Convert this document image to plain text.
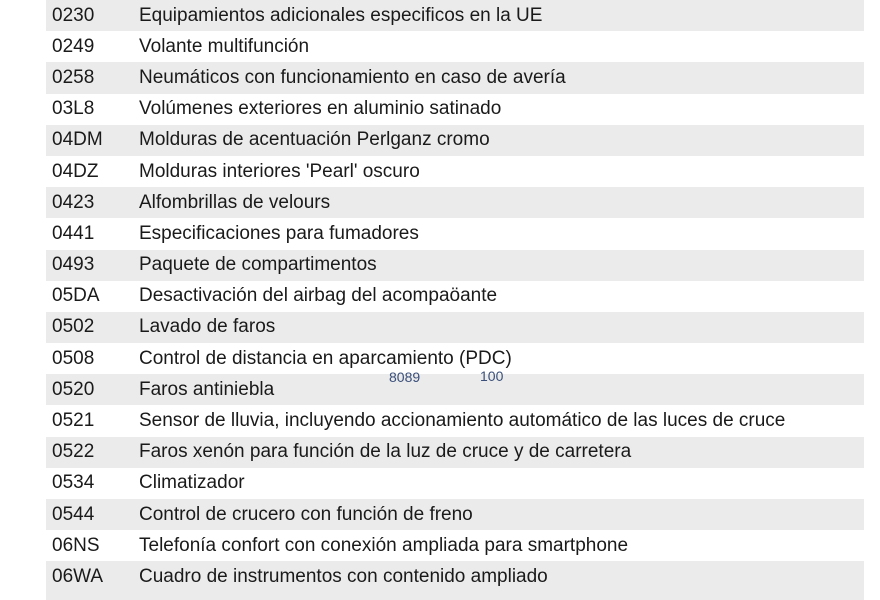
0230	Equipamientos adicionales especificos en la UE
0249	Volante multifunción
0258	Neumáticos con funcionamiento en caso de avería
03L8	Volúmenes exteriores en aluminio satinado
04DM	Molduras de acentuación Perlganz cromo
04DZ	Molduras interiores 'Pearl' oscuro
0423	Alfombrillas de velours
0441	Especificaciones para fumadores
0493	Paquete de compartimentos
05DA	Desactivación del airbag del acompaöante
0502	Lavado de faros
0508	Control de distancia en aparcamiento (PDC)
0520	Faros antiniebla
0521	Sensor de lluvia, incluyendo accionamiento automático de las luces de cruce
0522	Faros xenón para función de la luz de cruce y de carretera
0534	Climatizador
0544	Control de crucero con función de freno
06NS	Telefonía confort con conexión ampliada para smartphone
06WA	Cuadro de instrumentos con contenido ampliado
8089	100
